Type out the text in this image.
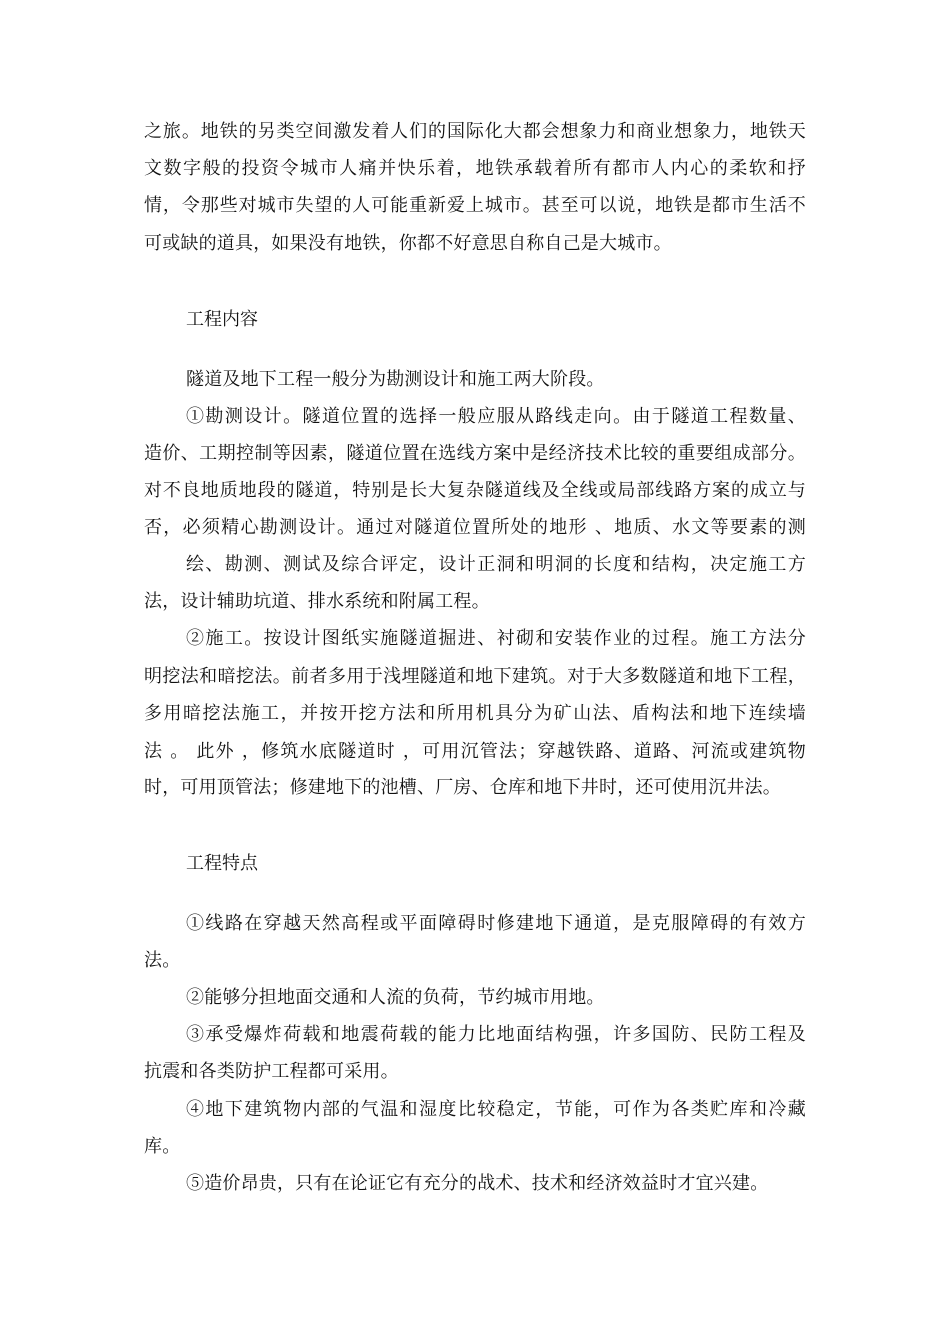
之旅。地铁的另类空间激发着人们的国际化大都会想象力和商业想象力，地铁天
文数字般的投资令城市人痛并快乐着，地铁承载着所有都市人内心的柔软和抒
情，令那些对城市失望的人可能重新爱上城市。甚至可以说，地铁是都市生活不
可或缺的道具，如果没有地铁，你都不好意思自称自己是大城市。
工程内容
隧道及地下工程一般分为勘测设计和施工两大阶段。
①勘测设计。隧道位置的选择一般应服从路线走向。由于隧道工程数量、
造价、工期控制等因素，隧道位置在选线方案中是经济技术比较的重要组成部分。
对不良地质地段的隧道，特别是长大复杂隧道线及全线或局部线路方案的成立与
否，必须精心勘测设计。通过对隧道位置所处的地形 、地质、水文等要素的测
绘、勘测、测试及综合评定，设计正洞和明洞的长度和结构，决定施工方
法，设计辅助坑道、排水系统和附属工程。
②施工。按设计图纸实施隧道掘进、衬砌和安装作业的过程。施工方法分
明挖法和暗挖法。前者多用于浅埋隧道和地下建筑。对于大多数隧道和地下工程，
多用暗挖法施工，并按开挖方法和所用机具分为矿山法、盾构法和地下连续墙
法 。 此外 ，修筑水底隧道时 ，可用沉管法；穿越铁路、道路、河流或建筑物
时，可用顶管法；修建地下的池槽、厂房、仓库和地下井时，还可使用沉井法。
工程特点
①线路在穿越天然高程或平面障碍时修建地下通道，是克服障碍的有效方
法。
②能够分担地面交通和人流的负荷，节约城市用地。
③承受爆炸荷载和地震荷载的能力比地面结构强，许多国防、民防工程及
抗震和各类防护工程都可采用。
④地下建筑物内部的气温和湿度比较稳定，节能，可作为各类贮库和冷藏
库。
⑤造价昂贵，只有在论证它有充分的战术、技术和经济效益时才宜兴建。
